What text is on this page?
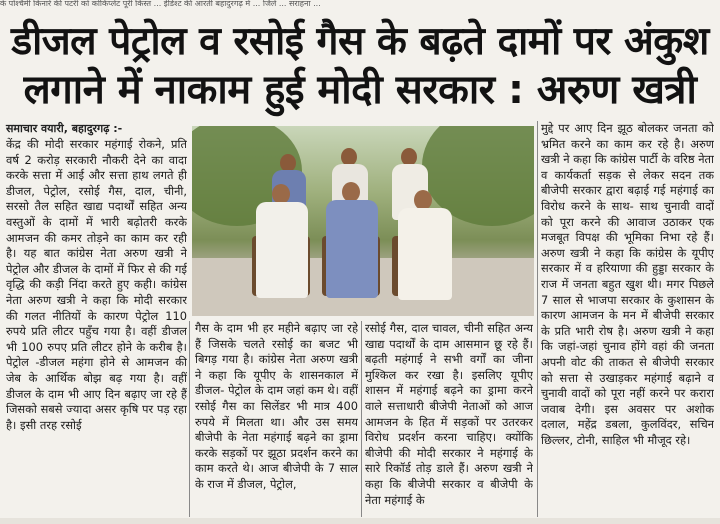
के पश्चिमी किनारे की पटरी को कोकिप्लेट पूरी किस्त ... ईडिश्ट की आरती बहादुरगढ़ में ... जिले ... सराहना ...
डीजल पेट्रोल व रसोई गैस के बढ़ते दामों पर अंकुश
लगाने में नाकाम हुई मोदी सरकार : अरुण खत्री
समाचार वयारी, बहादुरगढ़ :-

केंद्र की मोदी सरकार महंगाई रोकने, प्रति वर्ष 2 करोड़ सरकारी नौकरी देने का वादा करके सत्ता में आई और सत्ता हाथ लगते ही डीजल, पेट्रोल, रसोई गैस, दाल, चीनी, सरसो तैल सहित खाद्य पदार्थों सहित अन्य वस्तुओं के दामों में भारी बढ़ोतरी करके आमजन की कमर तोड़ने का काम कर रही है। यह बात कांग्रेस नेता अरुण खत्री ने पेट्रोल और डीजल के दामों में फिर से की गई वृद्धि की कड़ी निंदा करते हुए कही। कांग्रेस नेता अरुण खत्री ने कहा कि मोदी सरकार की गलत नीतियों के कारण पेट्रोल 110 रुपये प्रति लीटर पहुँच गया है। वहीं डीजल भी 100 रुपए प्रति लीटर होने के करीब है। पेट्रोल -डीजल महंगा होने से आमजन की जेब के आर्थिक बोझ बढ़ गया है। वहीं डीजल के दाम भी आए दिन बढ़ाए जा रहे हैं जिसको सबसे ज्यादा असर कृषि पर पड़ रहा है। इसी तरह रसोई

गैस के दाम भी हर महीने बढ़ाए जा रहे हैं जिसके चलते रसोई का बजट भी बिगड़ गया है। कांग्रेस नेता अरुण खत्री ने कहा कि यूपीए के शासनकाल में डीजल- पेट्रोल के दाम जहां कम थे। वहीं रसोई गैस का सिलेंडर भी मात्र 400 रुपये में मिलता था। और उस समय बीजेपी के नेता महंगाई बढ़ने का ड्रामा करके सड़कों पर झूठा प्रदर्शन करने का काम करते थे। आज बीजेपी के 7 साल के राज में डीजल, पेट्रोल,

रसोई गैस, दाल चावल, चीनी सहित अन्य खाद्य पदार्थों के दाम आसमान छू रहे हैं। बढ़ती महंगाई ने सभी वर्गों का जीना मुश्किल कर रखा है। इसलिए यूपीए शासन में महंगाई बढ़ने का ड्रामा करने वाले सत्ताधारी बीजेपी नेताओं को आज आमजन के हित में सड़कों पर उतरकर विरोध प्रदर्शन करना चाहिए। क्योंकि बीजेपी की मोदी सरकार ने महंगाई के सारे रिकॉर्ड तोड़ डाले हैं। अरुण खत्री ने कहा कि बीजेपी सरकार व बीजेपी के नेता महंगाई के

मुद्दे पर आए दिन झूठ बोलकर जनता को भ्रमित करने का काम कर रहे है। अरुण खत्री ने कहा कि कांग्रेस पार्टी के वरिष्ठ नेता व कार्यकर्ता सड़क से लेकर सदन तक बीजेपी सरकार द्वारा बढ़ाई गई महंगाई का विरोध करने के साथ- साथ चुनावी वादों को पूरा करने की आवाज उठाकर एक मजबूत विपक्ष की भूमिका निभा रहे हैं। अरुण खत्री ने कहा कि कांग्रेस के यूपीए सरकार में व हरियाणा की हुड्डा सरकार के राज में जनता बहुत खुश थी। मगर पिछले 7 साल से भाजपा सरकार के कुशासन के कारण आमजन के मन में बीजेपी सरकार के प्रति भारी रोष है। अरुण खत्री ने कहा कि जहां-जहां चुनाव होंगे वहां की जनता अपनी वोट की ताकत से बीजेपी सरकार को सत्ता से उखाड़कर महंगाई बढ़ाने व चुनावी वादों को पूरा नहीं करने पर करारा जवाब देगी। इस अवसर पर अशोक दलाल, महेंद्र डबला, कुलविंदर, सचिन छिल्लर, टोनी, साहिल भी मौजूद रहे।
